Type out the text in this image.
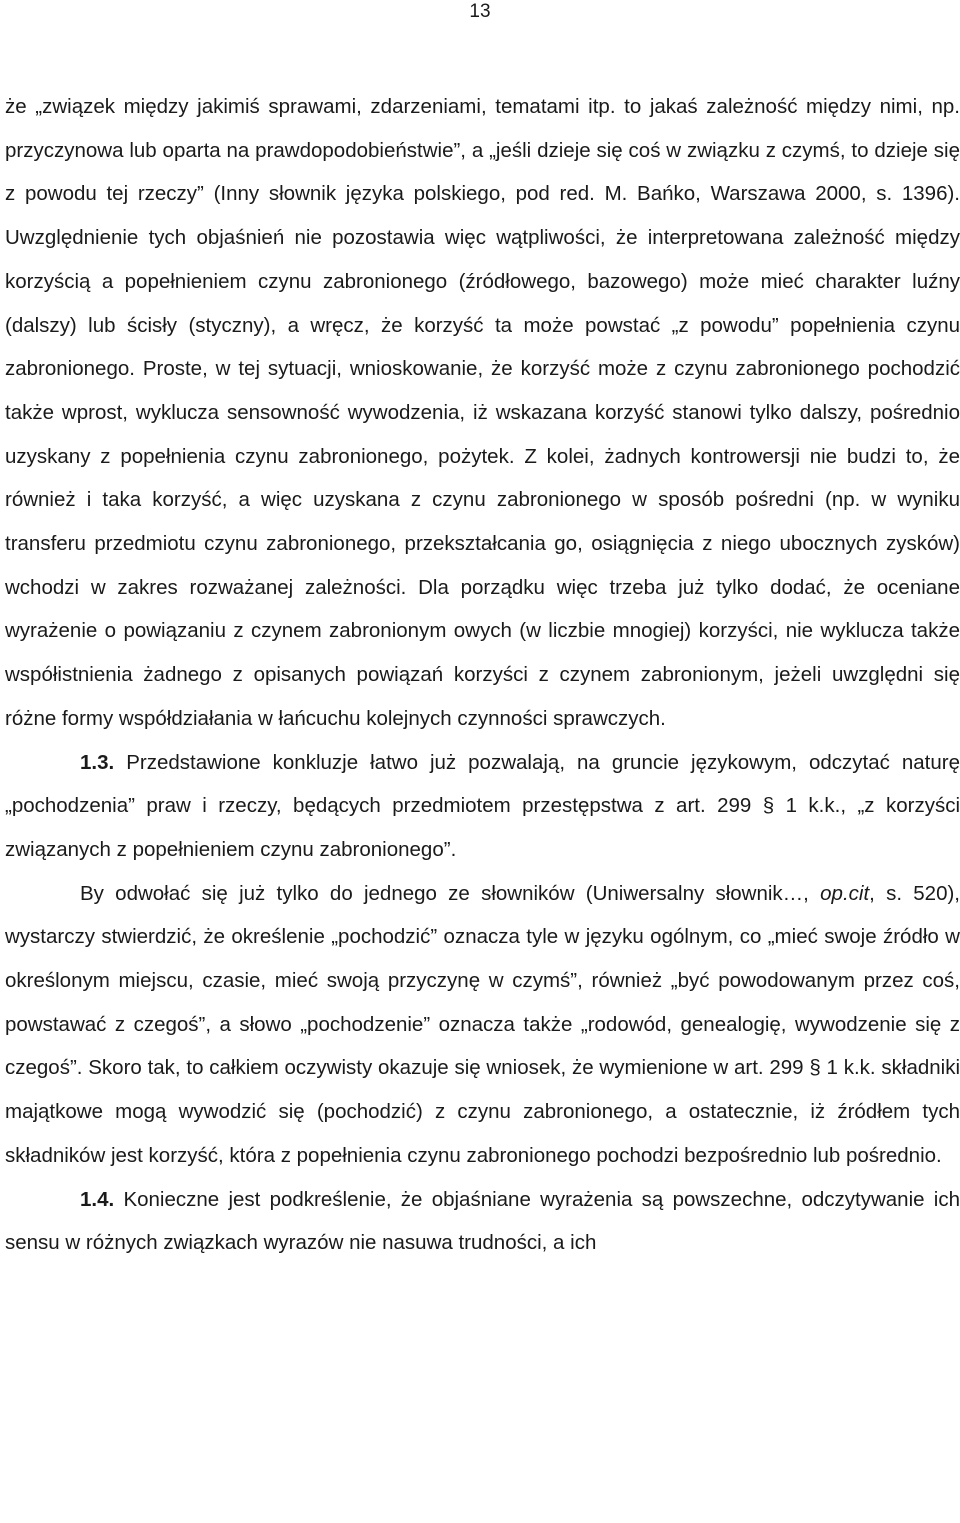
13

że „związek między jakimiś sprawami, zdarzeniami, tematami itp. to jakaś zależność między nimi, np. przyczynowa lub oparta na prawdopodobieństwie”, a „jeśli dzieje się coś w związku z czymś, to dzieje się z powodu tej rzeczy” (Inny słownik języka polskiego, pod red. M. Bańko, Warszawa 2000, s. 1396). Uwzględnienie tych objaśnień nie pozostawia więc wątpliwości, że interpretowana zależność między korzyścią a popełnieniem czynu zabronionego (źródłowego, bazowego) może mieć charakter luźny (dalszy) lub ścisły (styczny), a wręcz, że korzyść ta może powstać „z powodu” popełnienia czynu zabronionego. Proste, w tej sytuacji, wnioskowanie, że korzyść może z czynu zabronionego pochodzić także wprost, wyklucza sensowność wywodzenia, iż wskazana korzyść stanowi tylko dalszy, pośrednio uzyskany z popełnienia czynu zabronionego, pożytek. Z kolei, żadnych kontrowersji nie budzi to, że również i taka korzyść, a więc uzyskana z czynu zabronionego w sposób pośredni (np. w wyniku transferu przedmiotu czynu zabronionego, przekształcania go, osiągnięcia z niego ubocznych zysków) wchodzi w zakres rozważanej zależności. Dla porządku więc trzeba już tylko dodać, że oceniane wyrażenie o powiązaniu z czynem zabronionym owych (w liczbie mnogiej) korzyści, nie wyklucza także współistnienia żadnego z opisanych powiązań korzyści z czynem zabronionym, jeżeli uwzględni się różne formy współdziałania w łańcuchu kolejnych czynności sprawczych.

1.3. Przedstawione konkluzje łatwo już pozwalają, na gruncie językowym, odczytać naturę „pochodzenia” praw i rzeczy, będących przedmiotem przestępstwa z art. 299 § 1 k.k., „z korzyści związanych z popełnieniem czynu zabronionego”.

By odwołać się już tylko do jednego ze słowników (Uniwersalny słownik…, op.cit, s. 520), wystarczy stwierdzić, że określenie „pochodzić” oznacza tyle w języku ogólnym, co „mieć swoje źródło w określonym miejscu, czasie, mieć swoją przyczynę w czymś”, również „być powodowanym przez coś, powstawać z czegoś”, a słowo „pochodzenie” oznacza także „rodowód, genealogię, wywodzenie się z czegoś”. Skoro tak, to całkiem oczywisty okazuje się wniosek, że wymienione w art. 299 § 1 k.k. składniki majątkowe mogą wywodzić się (pochodzić) z czynu zabronionego, a ostatecznie, iż źródłem tych składników jest korzyść, która z popełnienia czynu zabronionego pochodzi bezpośrednio lub pośrednio.

1.4. Konieczne jest podkreślenie, że objaśniane wyrażenia są powszechne, odczytywanie ich sensu w różnych związkach wyrazów nie nasuwa trudności, a ich
